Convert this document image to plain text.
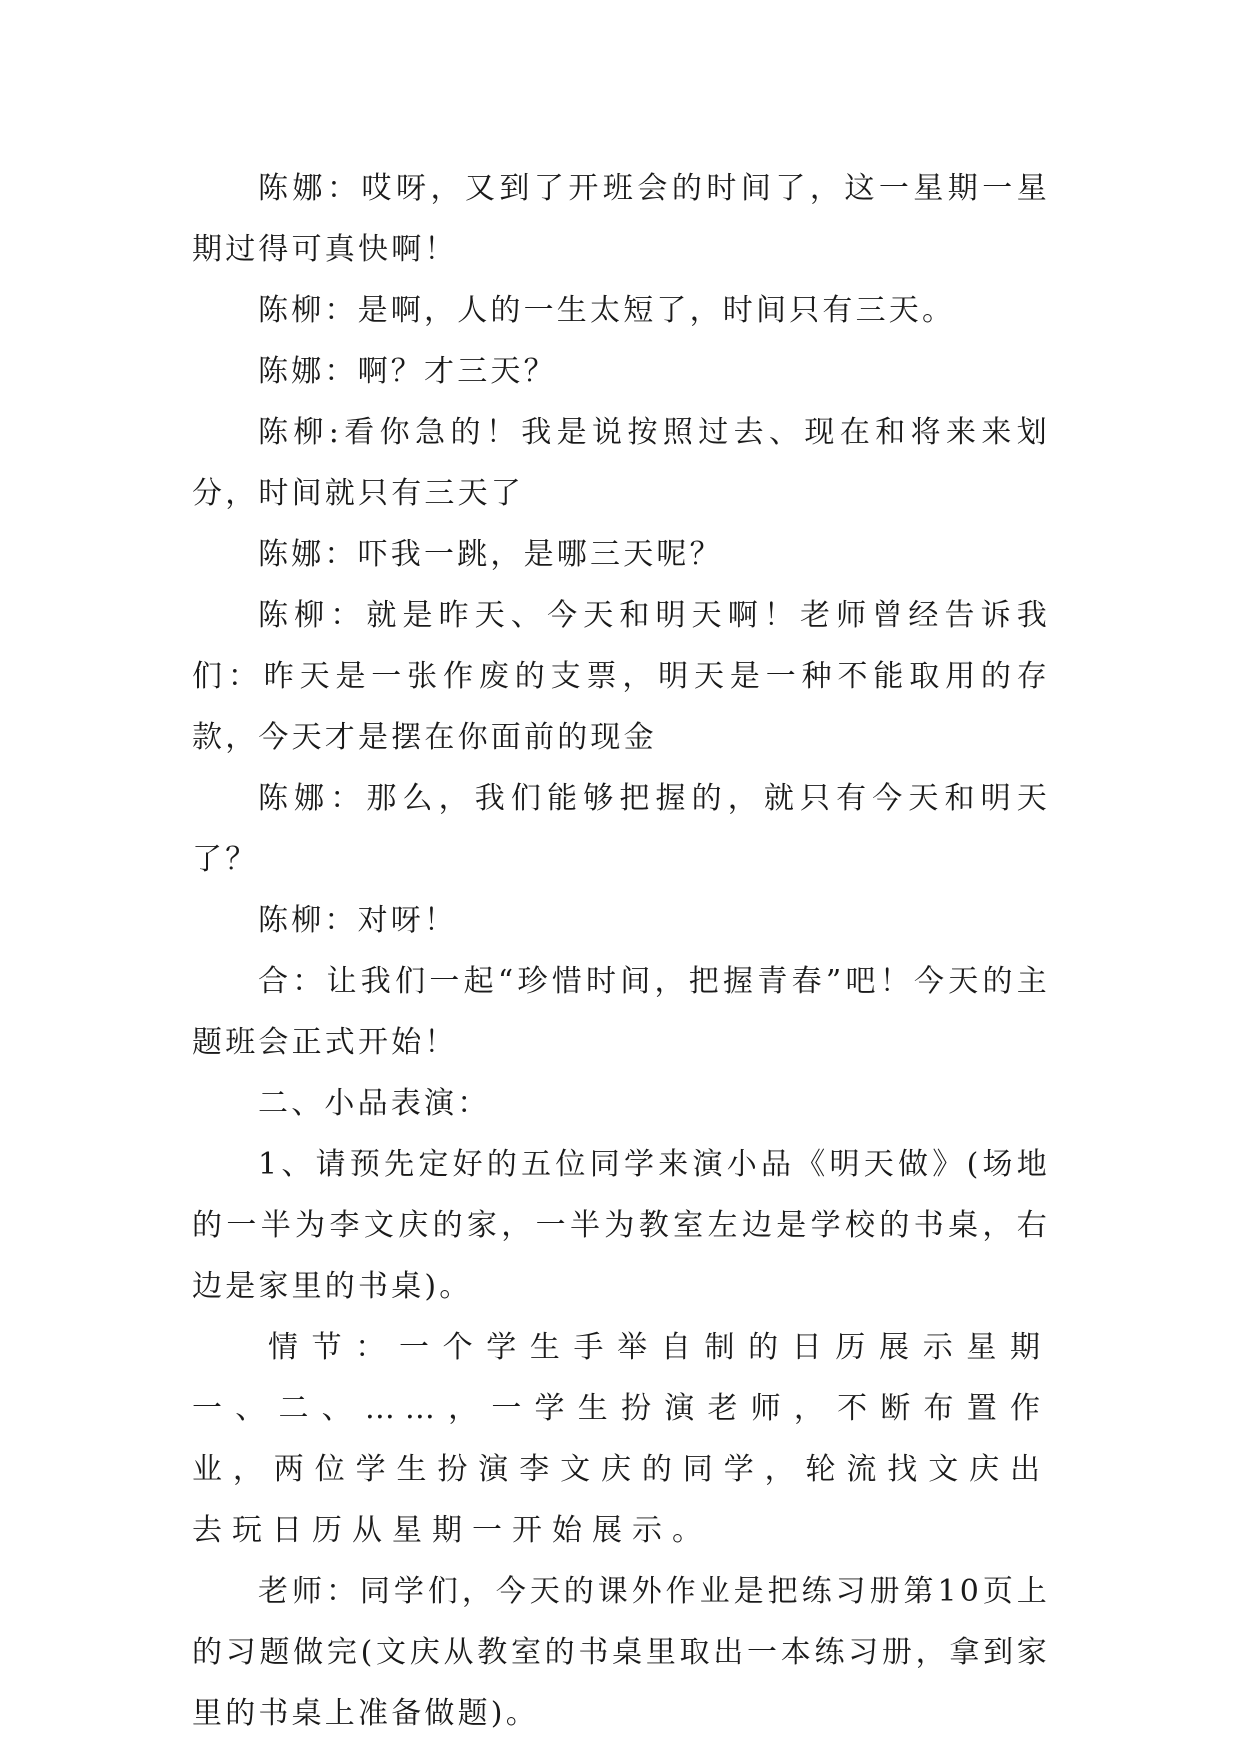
陈娜：哎呀，又到了开班会的时间了，这一星期一星期过得可真快啊！

陈柳：是啊，人的一生太短了，时间只有三天。

陈娜：啊？才三天？

陈柳:看你急的！我是说按照过去、现在和将来来划分，时间就只有三天了

陈娜：吓我一跳，是哪三天呢？

陈柳：就是昨天、今天和明天啊！老师曾经告诉我们：昨天是一张作废的支票，明天是一种不能取用的存款，今天才是摆在你面前的现金

陈娜：那么，我们能够把握的，就只有今天和明天了？

陈柳：对呀！

合：让我们一起“珍惜时间，把握青春”吧！今天的主题班会正式开始！

二、小品表演：

1、请预先定好的五位同学来演小品《明天做》(场地的一半为李文庆的家，一半为教室左边是学校的书桌，右边是家里的书桌)。

情节：一个学生手举自制的日历展示星期一、二、……，一学生扮演老师，不断布置作业，两位学生扮演李文庆的同学，轮流找文庆出去玩日历从星期一开始展示。

老师：同学们，今天的课外作业是把练习册第10页上的习题做完(文庆从教室的书桌里取出一本练习册，拿到家里的书桌上准备做题)。
